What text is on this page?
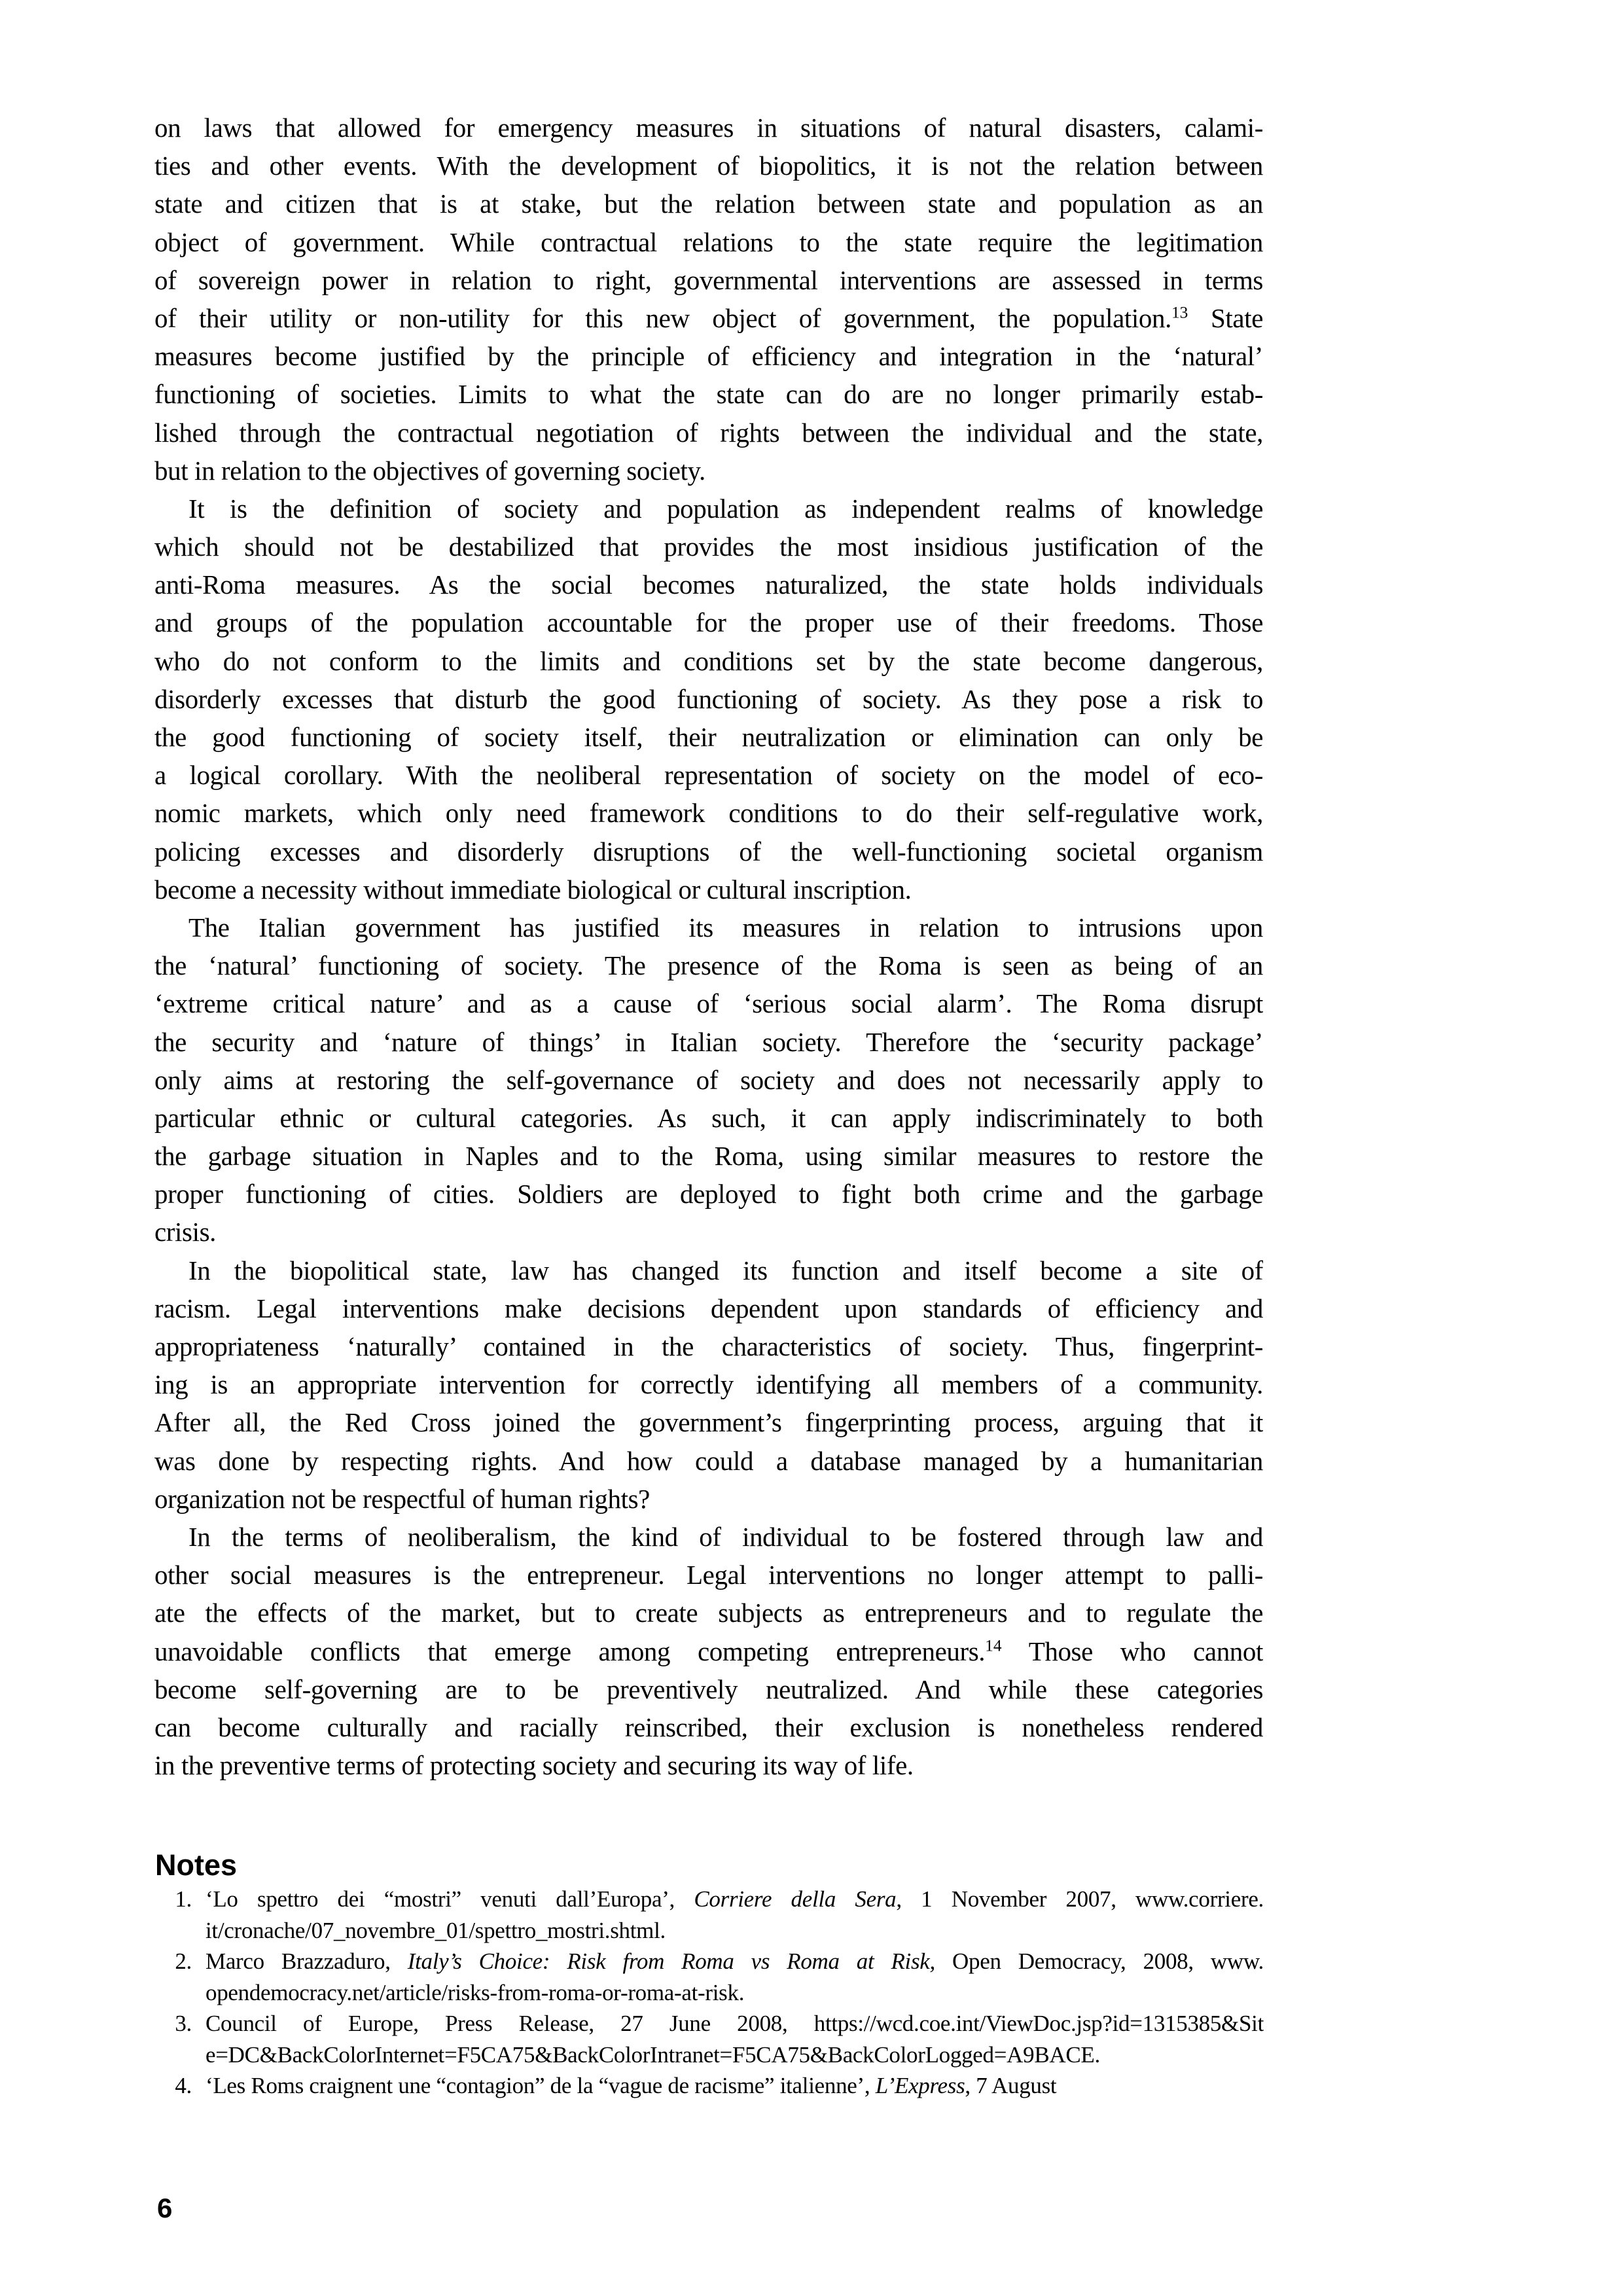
on laws that allowed for emergency measures in situations of natural disasters, calami-
ties and other events. With the development of biopolitics, it is not the relation between
state and citizen that is at stake, but the relation between state and population as an
object of government. While contractual relations to the state require the legitimation
of sovereign power in relation to right, governmental interventions are assessed in terms
of their utility or non-utility for this new object of government, the population.$^{13}$ State
measures become justified by the principle of efficiency and integration in the ‘natural’
functioning of societies. Limits to what the state can do are no longer primarily estab-
lished through the contractual negotiation of rights between the individual and the state,
but in relation to the objectives of governing society.
It is the definition of society and population as independent realms of knowledge
which should not be destabilized that provides the most insidious justification of the
anti-Roma measures. As the social becomes naturalized, the state holds individuals
and groups of the population accountable for the proper use of their freedoms. Those
who do not conform to the limits and conditions set by the state become dangerous,
disorderly excesses that disturb the good functioning of society. As they pose a risk to
the good functioning of society itself, their neutralization or elimination can only be
a logical corollary. With the neoliberal representation of society on the model of eco-
nomic markets, which only need framework conditions to do their self-regulative work,
policing excesses and disorderly disruptions of the well-functioning societal organism
become a necessity without immediate biological or cultural inscription.
The Italian government has justified its measures in relation to intrusions upon
the ‘natural’ functioning of society. The presence of the Roma is seen as being of an
‘extreme critical nature’ and as a cause of ‘serious social alarm’. The Roma disrupt
the security and ‘nature of things’ in Italian society. Therefore the ‘security package’
only aims at restoring the self-governance of society and does not necessarily apply to
particular ethnic or cultural categories. As such, it can apply indiscriminately to both
the garbage situation in Naples and to the Roma, using similar measures to restore the
proper functioning of cities. Soldiers are deployed to fight both crime and the garbage
crisis.
In the biopolitical state, law has changed its function and itself become a site of
racism. Legal interventions make decisions dependent upon standards of efficiency and
appropriateness ‘naturally’ contained in the characteristics of society. Thus, fingerprint-
ing is an appropriate intervention for correctly identifying all members of a community.
After all, the Red Cross joined the government’s fingerprinting process, arguing that it
was done by respecting rights. And how could a database managed by a humanitarian
organization not be respectful of human rights?
In the terms of neoliberalism, the kind of individual to be fostered through law and
other social measures is the entrepreneur. Legal interventions no longer attempt to palli-
ate the effects of the market, but to create subjects as entrepreneurs and to regulate the
unavoidable conflicts that emerge among competing entrepreneurs.$^{14}$ Those who cannot
become self-governing are to be preventively neutralized. And while these categories
can become culturally and racially reinscribed, their exclusion is nonetheless rendered
in the preventive terms of protecting society and securing its way of life.
Notes
1. ‘Lo spettro dei “mostri” venuti dall’Europa’, Corriere della Sera, 1 November 2007, www.corriere.
it/cronache/07_novembre_01/spettro_mostri.shtml.
2. Marco Brazzaduro, Italy’s Choice: Risk from Roma vs Roma at Risk, Open Democracy, 2008, www.
opendemocracy.net/article/risks-from-roma-or-roma-at-risk.
3. Council of Europe, Press Release, 27 June 2008, https://wcd.coe.int/ViewDoc.jsp?id=1315385&Sit
e=DC&BackColorInternet=F5CA75&BackColorIntranet=F5CA75&BackColorLogged=A9BACE.
4. ‘Les Roms craignent une “contagion” de la “vague de racisme” italienne’, L’Express, 7 August
6
